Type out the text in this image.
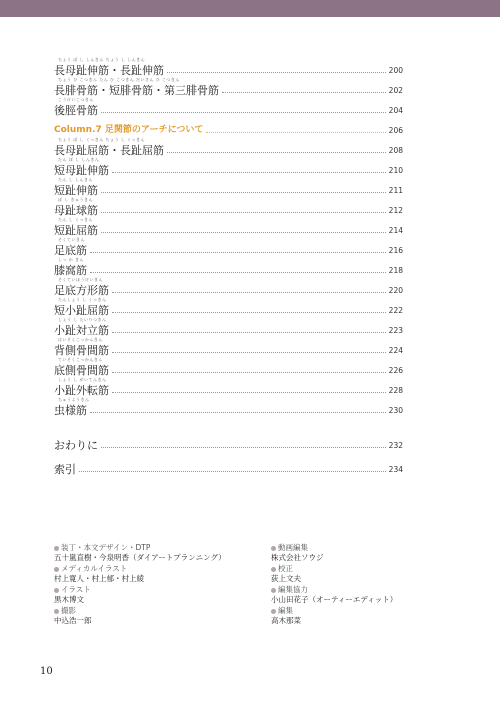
ちょう ぼ し しんきん ちょう し しんきん
長母趾伸筋・長趾伸筋	200
ちょう ひ こつきん たん ひ こつきん だいさん ひ こつきん
長腓骨筋・短腓骨筋・第三腓骨筋	202
こうけいこつきん
後脛骨筋	204
Column.7 足関節のアーチについて	206
ちょう ぼ し くっきん ちょう し くっきん
長母趾屈筋・長趾屈筋	208
たん ぼ し しんきん
短母趾伸筋	210
たん し しんきん
短趾伸筋	211
ぼ し きゅうきん
母趾球筋	212
たん し くっきん
短趾屈筋	214
そくていきん
足底筋	216
しっ か きん
膝窩筋	218
そくていほうけいきん
足底方形筋	220
たんしょう し くっきん
短小趾屈筋	222
しょう し たいりつきん
小趾対立筋	223
はいそくこっかんきん
背側骨間筋	224
ていそくこっかんきん
底側骨間筋	226
しょう し がいてんきん
小趾外転筋	228
ちゅうようきん
虫様筋	230
おわりに	232
索引	234
装丁・本文デザイン・DTP
五十嵐直樹・今泉明香（ダイアートプランニング）
メディカルイラスト
村上寛人・村上郁・村上綾
イラスト
黒木博文
撮影
中込浩一郎
動画編集
株式会社ソウジ
校正
荻上文夫
編集協力
小山田花子（オーティーエディット）
編集
高木那菜
10
